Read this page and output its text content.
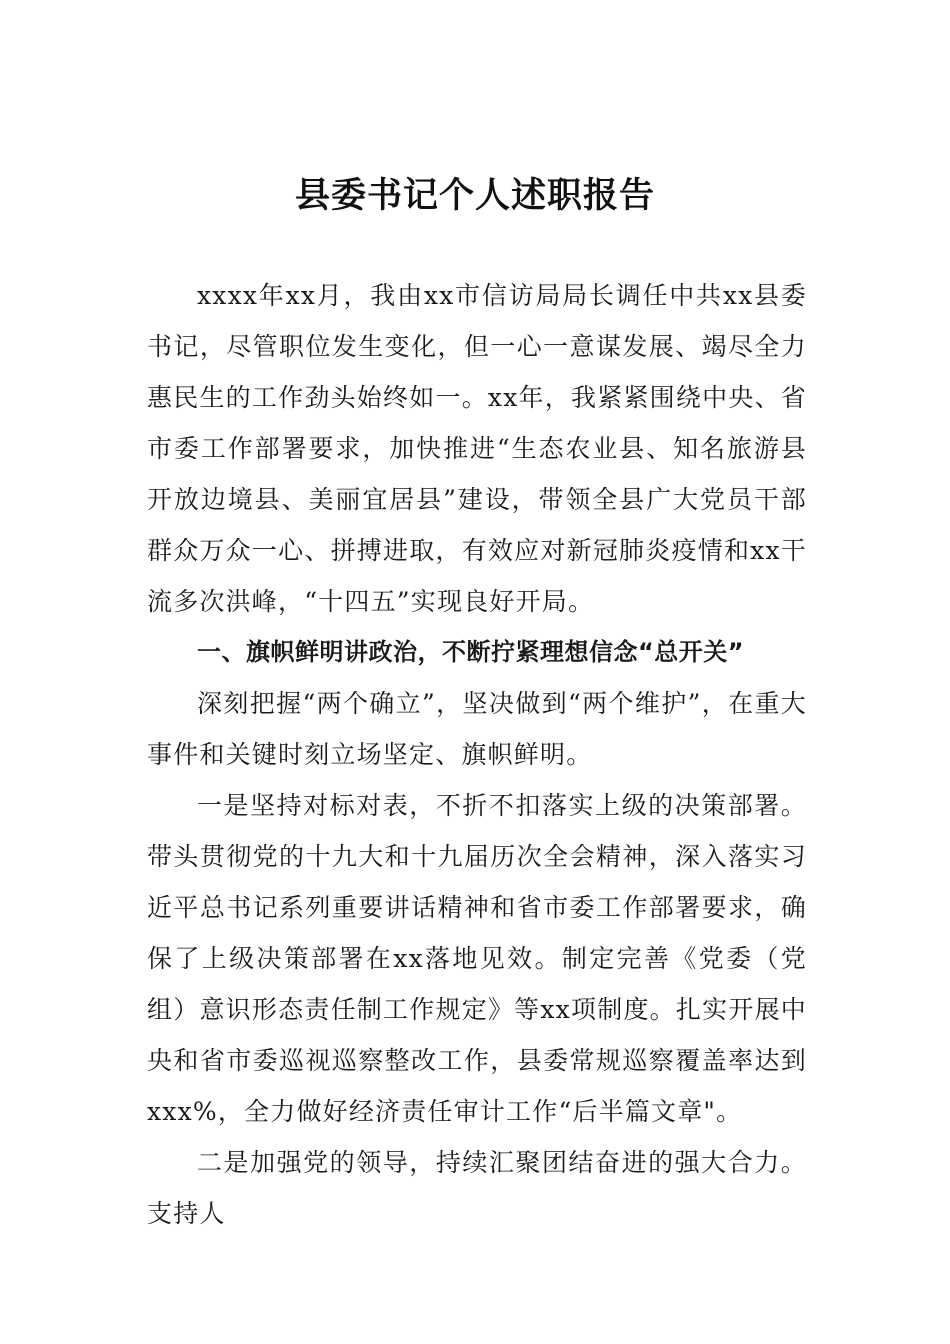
县委书记个人述职报告

xxxx年xx月，我由xx市信访局局长调任中共xx县委书记，尽管职位发生变化，但一心一意谋发展、竭尽全力惠民生的工作劲头始终如一。xx年，我紧紧围绕中央、省市委工作部署要求，加快推进“生态农业县、知名旅游县开放边境县、美丽宜居县”建设，带领全县广大党员干部群众万众一心、拼搏进取，有效应对新冠肺炎疫情和xx干流多次洪峰，“十四五”实现良好开局。

一、旗帜鲜明讲政治，不断拧紧理想信念“总开关”

深刻把握“两个确立”，坚决做到“两个维护”，在重大事件和关键时刻立场坚定、旗帜鲜明。

一是坚持对标对表，不折不扣落实上级的决策部署。带头贯彻党的十九大和十九届历次全会精神，深入落实习近平总书记系列重要讲话精神和省市委工作部署要求，确保了上级决策部署在xx落地见效。制定完善《党委（党组）意识形态责任制工作规定》等xx项制度。扎实开展中央和省市委巡视巡察整改工作，县委常规巡察覆盖率达到xxx%，全力做好经济责任审计工作“后半篇文章"。

二是加强党的领导，持续汇聚团结奋进的强大合力。支持人
